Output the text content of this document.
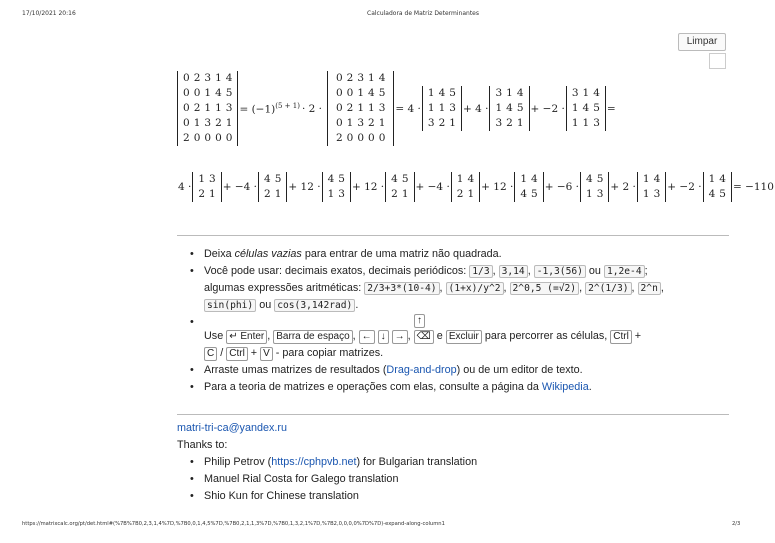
17/10/2021 20:16	Calculadora de Matriz Determinantes
Limpar
0	2	3	1	4
0	0	1	4	5
0	2	1	1	3
0	1	3	2	1
2	0	0	0	0
= $(-1)^{(5 + 1)} \cdot 2$ ·
0	2	3	1	4
0	0	1	4	5
0	2	1	1	3
0	1	3	2	1
2	0	0	0	0
= 4 ·
1	4	5
1	1	3
3	2	1
+ 4 ·
3	1	4
1	4	5
3	2	1
+ −2 ·
3	1	4
1	4	5
1	1	3
=
4 ·
1	3
2	1
+ −4 ·
4	5
2	1
+ 12 ·
4	5
1	3
+ 12 ·
4	5
2	1
+ −4 ·
1	4
2	1
+ 12 ·
1	4
4	5
+ −6 ·
4	5
1	3
+ 2 ·
1	4
1	3
+ −2 ·
1	4
4	5
= −110
• Deixa células vazias para entrar de uma matriz não quadrada.
• Você pode usar: decimais exatos, decimais periódicos: 1/3 , 3,14 , -1,3(56) ou 1,2e-4 ;
algumas expressões aritméticas: 2/3+3*(10-4) , (1+x)/y^2 , 2^0,5 (=√2) , 2^(1/3) , 2^n ,
sin(phi) ou cos(3,142rad) .
• ↑
Use ↵ Enter , Barra de espaço , ← ↓ → , ⌫ e Excluir para percorrer as células, Ctrl +
C / Ctrl + V - para copiar matrizes.
• Arraste umas matrizes de resultados (Drag-and-drop) ou de um editor de texto.
• Para a teoria de matrizes e operações com elas, consulte a página da Wikipedia.
matri-tri-ca@yandex.ru
Thanks to:
• Philip Petrov (https://cphpvb.net) for Bulgarian translation
• Manuel Rial Costa for Galego translation
• Shio Kun for Chinese translation
https://matrixcalc.org/pt/det.html#(%7B%7B0,2,3,1,4%7D,%7B0,0,1,4,5%7D,%7B0,2,1,1,3%7D,%7B0,1,3,2,1%7D,%7B2,0,0,0,0%7D%7D)-expand-along-column1	2/3
